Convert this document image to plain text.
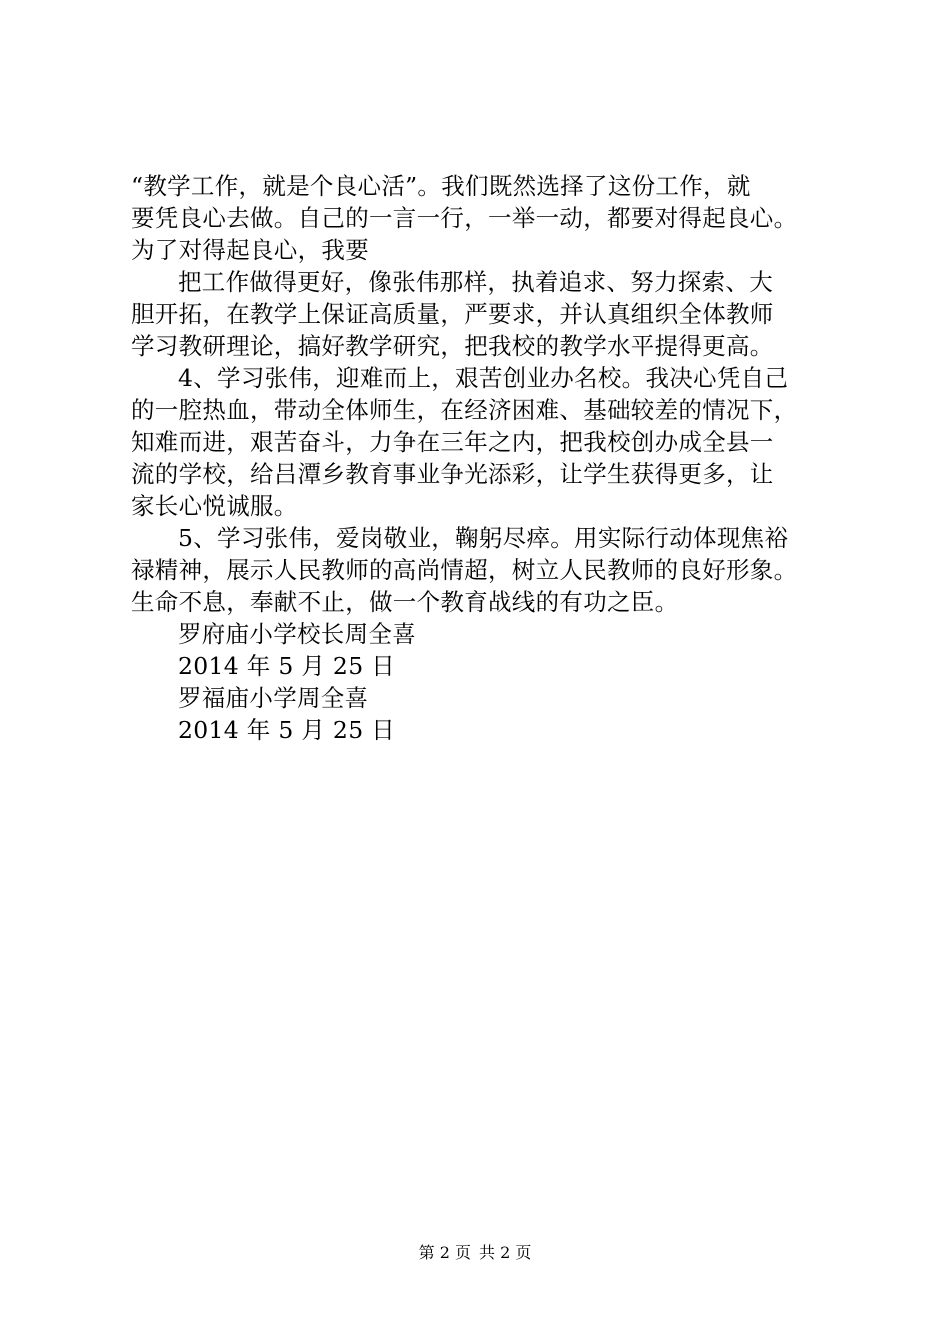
“教学工作，就是个良心活”。我们既然选择了这份工作，就
要凭良心去做。自己的一言一行，一举一动，都要对得起良心。
为了对得起良心，我要
把工作做得更好，像张伟那样，执着追求、努力探索、大
胆开拓，在教学上保证高质量，严要求，并认真组织全体教师
学习教研理论，搞好教学研究，把我校的教学水平提得更高。
4、学习张伟，迎难而上，艰苦创业办名校。我决心凭自己
的一腔热血，带动全体师生，在经济困难、基础较差的情况下，
知难而进，艰苦奋斗，力争在三年之内，把我校创办成全县一
流的学校，给吕潭乡教育事业争光添彩，让学生获得更多，让
家长心悦诚服。
5、学习张伟，爱岗敬业，鞠躬尽瘁。用实际行动体现焦裕
禄精神，展示人民教师的高尚情超，树立人民教师的良好形象。
生命不息，奉献不止，做一个教育战线的有功之臣。
罗府庙小学校长周全喜
2014 年 5 月 25 日
罗福庙小学周全喜
2014 年 5 月 25 日
第 2 页 共 2 页
